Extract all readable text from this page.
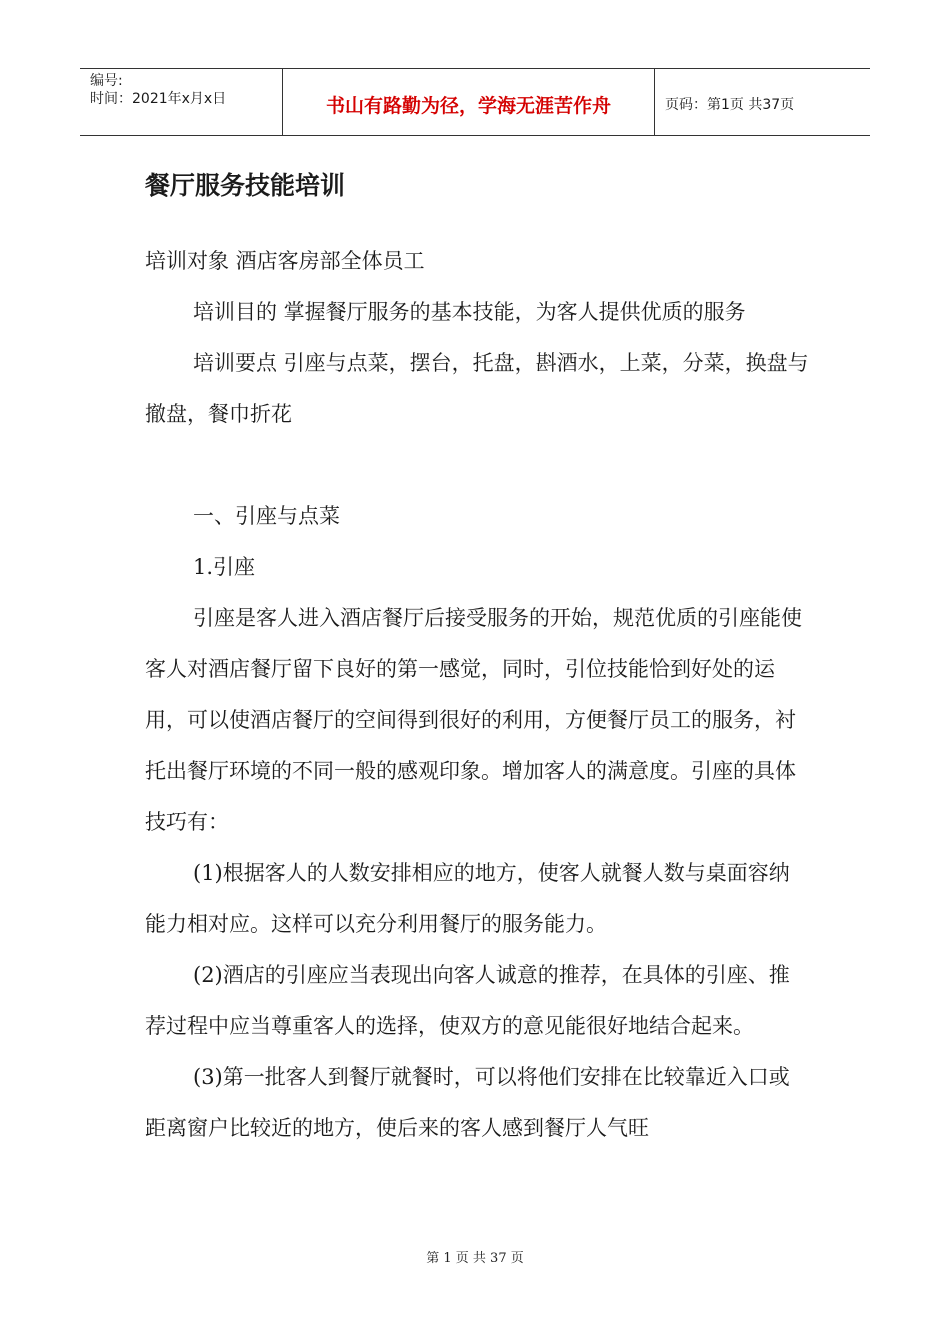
编号:
时间：2021年x月x日	书山有路勤为径，学海无涯苦作舟	页码：第1页 共37页
餐厅服务技能培训

培训对象 酒店客房部全体员工

培训目的 掌握餐厅服务的基本技能，为客人提供优质的服务

培训要点 引座与点菜，摆台，托盘，斟酒水，上菜，分菜，换盘与撤盘，餐巾折花

一、引座与点菜

1.引座

引座是客人进入酒店餐厅后接受服务的开始，规范优质的引座能使客人对酒店餐厅留下良好的第一感觉，同时，引位技能恰到好处的运用，可以使酒店餐厅的空间得到很好的利用，方便餐厅员工的服务，衬托出餐厅环境的不同一般的感观印象。增加客人的满意度。引座的具体技巧有：

(1)根据客人的人数安排相应的地方，使客人就餐人数与桌面容纳能力相对应。这样可以充分利用餐厅的服务能力。

(2)酒店的引座应当表现出向客人诚意的推荐，在具体的引座、推荐过程中应当尊重客人的选择，使双方的意见能很好地结合起来。

(3)第一批客人到餐厅就餐时，可以将他们安排在比较靠近入口或距离窗户比较近的地方，使后来的客人感到餐厅人气旺

第 1 页 共 37 页
